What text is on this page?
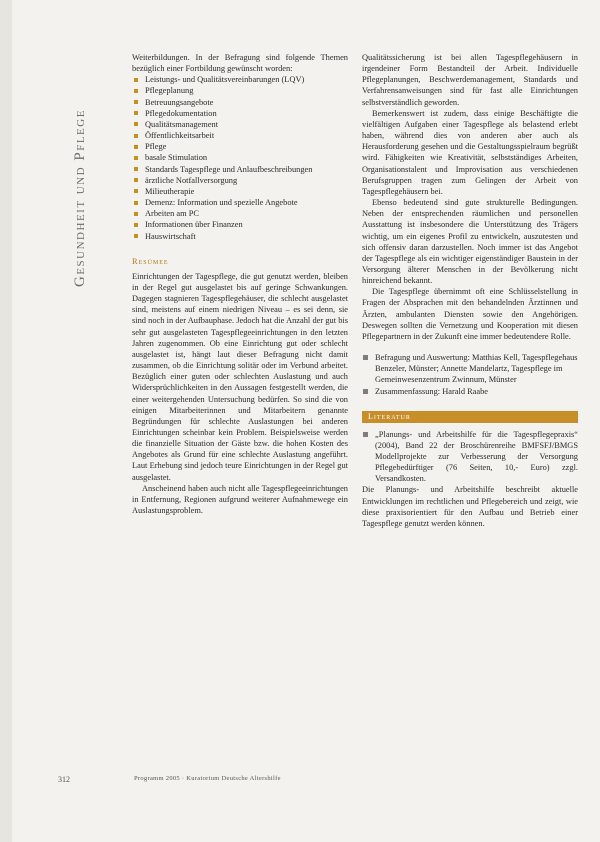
Gesundheit und Pflege

Weiterbildungen. In der Befragung sind folgende Themen bezüglich einer Fortbildung gewünscht worden:

Leistungs- und Qualitätsvereinbarungen (LQV)
Pflegeplanung
Betreuungsangebote
Pflegedokumentation
Qualitätsmanagement
Öffentlichkeitsarbeit
Pflege
basale Stimulation
Standards Tagespflege und Anlaufbeschreibungen
ärztliche Notfallversorgung
Milieutherapie
Demenz: Information und spezielle Angebote
Arbeiten am PC
Informationen über Finanzen
Hauswirtschaft
Resümee

Einrichtungen der Tagespflege, die gut genutzt werden, bleiben in der Regel gut ausgelastet bis auf geringe Schwankungen. Dagegen stagnieren Tagespflegehäuser, die schlecht ausgelastet sind, meistens auf einem niedrigen Niveau – es sei denn, sie sind noch in der Aufbauphase. Jedoch hat die Anzahl der gut bis sehr gut ausgelasteten Tagespflegeeinrichtungen in den letzten Jahren zugenommen. Ob eine Einrichtung gut oder schlecht ausgelastet ist, hängt laut dieser Befragung nicht damit zusammen, ob die Einrichtung solitär oder im Verbund arbeitet. Bezüglich einer guten oder schlechten Auslastung und auch Widersprüchlichkeiten in den Aussagen festgestellt werden, die einer weitergehenden Untersuchung bedürfen. So sind die von einigen Mitarbeiterinnen und Mitarbeitern genannte Begründungen für schlechte Auslastungen bei anderen Einrichtungen scheinbar kein Problem. Beispielsweise werden die finanzielle Situation der Gäste bzw. die hohen Kosten des Angebotes als Grund für eine schlechte Auslastung angeführt. Laut Erhebung sind jedoch teure Einrichtungen in der Regel gut ausgelastet.

Anscheinend haben auch nicht alle Tagespflegeeinrichtungen in Entfernung, Regionen aufgrund weiterer Aufnahmewege ein Auslastungsproblem.

Qualitätssicherung ist bei allen Tagespflegehäusern in irgendeiner Form Bestandteil der Arbeit. Individuelle Pflegeplanungen, Beschwerdemanagement, Standards und Verfahrensanweisungen sind für fast alle Einrichtungen selbstverständlich geworden.

Bemerkenswert ist zudem, dass einige Beschäftigte die vielfältigen Aufgaben einer Tagespflege als belastend erlebt haben, während dies von anderen aber auch als Herausforderung gesehen und die Gestaltungsspielraum begrüßt wird. Fähigkeiten wie Kreativität, selbstständiges Arbeiten, Organisationstalent und Improvisation aus verschiedenen Berufsgruppen tragen zum Gelingen der Arbeit von Tagespflegehäusern bei.

Ebenso bedeutend sind gute strukturelle Bedingungen. Neben der entsprechenden räumlichen und personellen Ausstattung ist insbesondere die Unterstützung des Trägers wichtig, um ein eigenes Profil zu entwickeln, auszutesten und sich offensiv daran darzustellen. Noch immer ist das Angebot der Tagespflege als ein wichtiger eigenständiger Baustein in der Versorgung älterer Menschen in der Bevölkerung nicht hinreichend bekannt.

Die Tagespflege übernimmt oft eine Schlüsselstellung in Fragen der Absprachen mit den behandelnden Ärztinnen und Ärzten, ambulanten Diensten sowie den Angehörigen. Deswegen sollten die Vernetzung und Kooperation mit diesen Pflegepartnern in der Zukunft eine immer bedeutendere Rolle.

Befragung und Auswertung: Matthias Kell, Tagespflegehaus Benzeler, Münster; Annette Mandelartz, Tagespflege im Gemeinwesenzentrum Zwinnum, Münster
Zusammenfassung: Harald Raabe
Literatur

„Planungs- und Arbeitshilfe für die Tagespflegepraxis“ (2004), Band 22 der Broschürenreihe BMFSFJ/BMGS Modellprojekte zur Verbesserung der Versorgung Pflegebedürftiger (76 Seiten, 10,- Euro) zzgl. Versandkosten.

Die Planungs- und Arbeitshilfe beschreibt aktuelle Entwicklungen im rechtlichen und Pflegebereich und zeigt, wie diese praxisorientiert für den Aufbau und Betrieb einer Tagespflege genutzt werden können.

312	Programm 2005 · Kuratorium Deutsche Altershilfe
